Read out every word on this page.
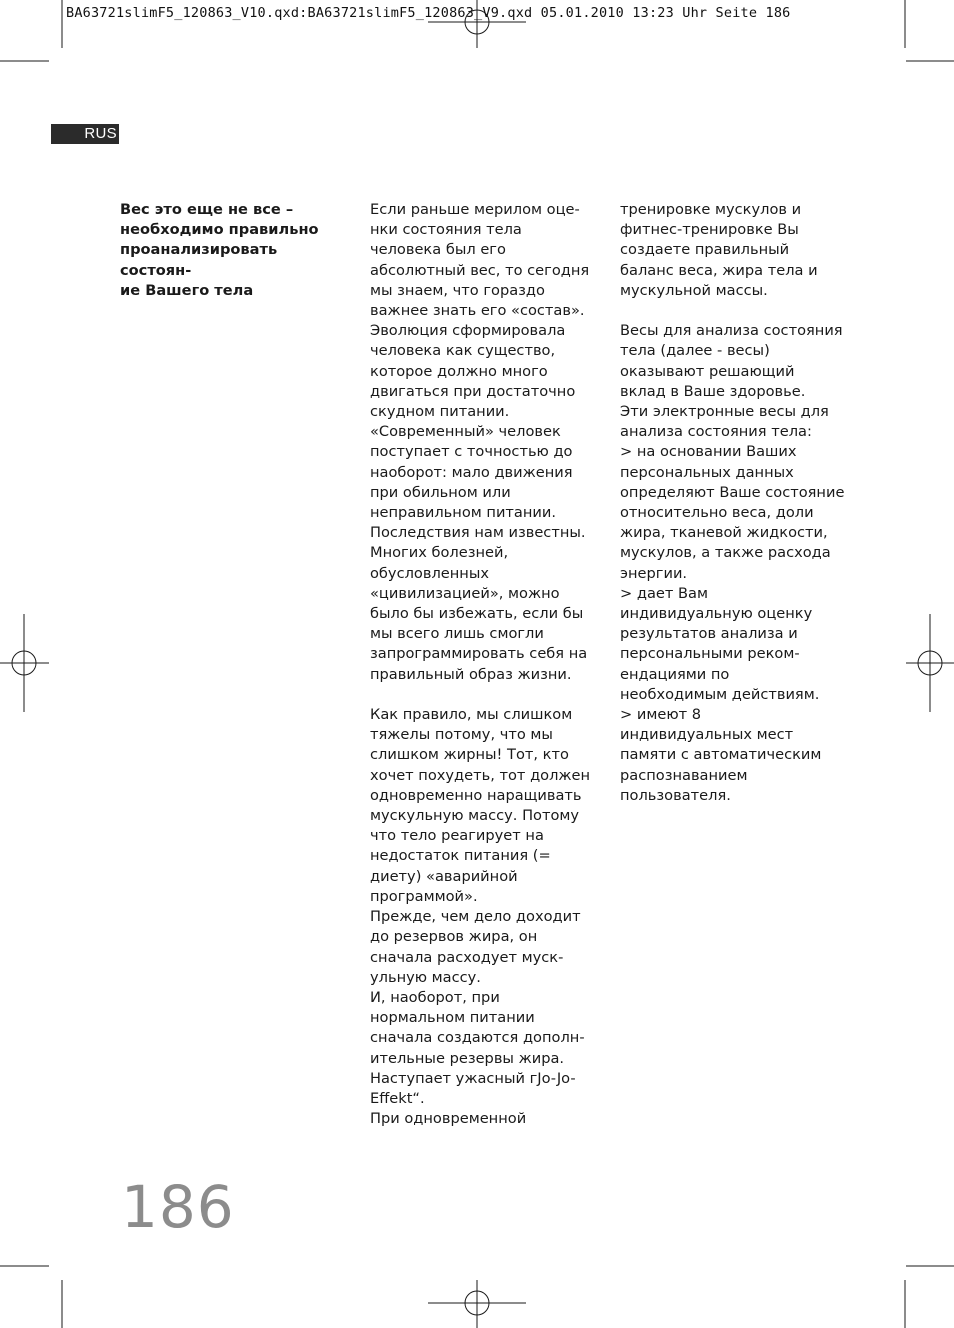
BA63721slimF5_120863_V10.qxd:BA63721slimF5_120863_V9.qxd 05.01.2010 13:23 Uhr Seite 186
RUS

Вес это еще не все –
необходимо правильно
проанализировать состоян-
ие Вашего тела

Если раньше мерилом оце-
нки состояния тела
человека был его
абсолютный вес, то сегодня
мы знаем, что гораздо
важнее знать его «состав».
Эволюция сформировала
человека как существо,
которое должно много
двигаться при достаточно
скудном питании.
«Современный» человек
поступает с точностью до
наоборот: мало движения
при обильном или
неправильном питании.
Последствия нам известны.
Многих болезней,
обусловленных
«цивилизацией», можно
было бы избежать, если бы
мы всего лишь смогли
запрограммировать себя на
правильный образ жизни.

Как правило, мы слишком
тяжелы потому, что мы
слишком жирны! Тот, кто
хочет похудеть, тот должен
одновременно наращивать
мускульную массу. Потому
что тело реагирует на
недостаток питания (=
диету) «аварийной
программой».
Прежде, чем дело доходит
до резервов жира, он
сначала расходует муск-
ульную массу.
И, наоборот, при
нормальном питании
сначала создаются дополн-
ительные резервы жира.
Наступает ужасный гJo-Jo-
Effekt“.
При одновременной

тренировке мускулов и
фитнес-тренировке Вы
создаете правильный
баланс веса, жира тела и
мускульной массы.

Весы для анализа состояния
тела (далее - весы)
оказывают решающий
вклад в Ваше здоровье.
Эти электронные весы для
анализа состояния тела:
> на основании Ваших
персональных данных
определяют Ваше состояние
относительно веса, доли
жира, тканевой жидкости,
мускулов, а также расхода
энергии.
> дает Вам
индивидуальную оценку
результатов анализа и
персональными реком-
ендациями по
необходимым действиям.
> имеют 8
индивидуальных мест
памяти с автоматическим
распознаванием
пользователя.

186
